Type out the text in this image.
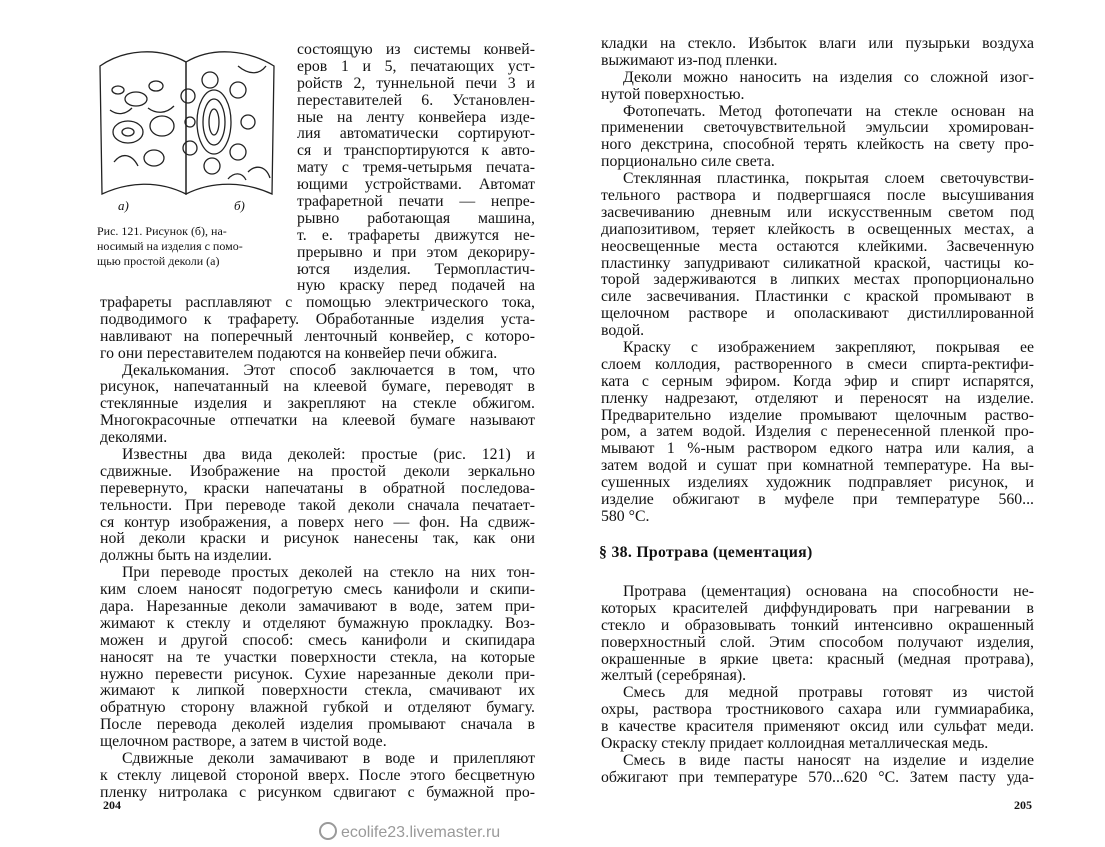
а)	б)
Рис. 121. Рисунок (б), на-
носимый на изделия с помо-
щью простой деколи (а)
состоящую из системы конвей-
еров 1 и 5, печатающих уст-
ройств 2, туннельной печи 3 и
переставителей 6. Установлен-
ные на ленту конвейера изде-
лия автоматически сортируют-
ся и транспортируются к авто-
мату с тремя-четырьмя печата-
ющими устройствами. Автомат
трафаретной печати — непре-
рывно работающая машина,
т. е. трафареты движутся не-
прерывно и при этом декориру-
ются изделия. Термопластич-
ную краску перед подачей на
трафареты расплавляют с помощью электрического тока,
подводимого к трафарету. Обработанные изделия уста-
навливают на поперечный ленточный конвейер, с которо-
го они переставителем подаются на конвейер печи обжига.
Декалькомания. Этот способ заключается в том, что
рисунок, напечатанный на клеевой бумаге, переводят в
стеклянные изделия и закрепляют на стекле обжигом.
Многокрасочные отпечатки на клеевой бумаге называют
деколями.
Известны два вида деколей: простые (рис. 121) и
сдвижные. Изображение на простой деколи зеркально
перевернуто, краски напечатаны в обратной последова-
тельности. При переводе такой деколи сначала печатает-
ся контур изображения, а поверх него — фон. На сдвиж-
ной деколи краски и рисунок нанесены так, как они
должны быть на изделии.
При переводе простых деколей на стекло на них тон-
ким слоем наносят подогретую смесь канифоли и скипи-
дара. Нарезанные деколи замачивают в воде, затем при-
жимают к стеклу и отделяют бумажную прокладку. Воз-
можен и другой способ: смесь канифоли и скипидара
наносят на те участки поверхности стекла, на которые
нужно перевести рисунок. Сухие нарезанные деколи при-
жимают к липкой поверхности стекла, смачивают их
обратную сторону влажной губкой и отделяют бумагу.
После перевода деколей изделия промывают сначала в
щелочном растворе, а затем в чистой воде.
Сдвижные деколи замачивают в воде и прилепляют
к стеклу лицевой стороной вверх. После этого бесцветную
пленку нитролака с рисунком сдвигают с бумажной про-
204
кладки на стекло. Избыток влаги или пузырьки воздуха
выжимают из-под пленки.
Деколи можно наносить на изделия со сложной изог-
нутой поверхностью.
Фотопечать. Метод фотопечати на стекле основан на
применении светочувствительной эмульсии хромирован-
ного декстрина, способной терять клейкость на свету про-
порционально силе света.
Стеклянная пластинка, покрытая слоем светочувстви-
тельного раствора и подвергшаяся после высушивания
засвечиванию дневным или искусственным светом под
диапозитивом, теряет клейкость в освещенных местах, а
неосвещенные места остаются клейкими. Засвеченную
пластинку запудривают силикатной краской, частицы ко-
торой задерживаются в липких местах пропорционально
силе засвечивания. Пластинки с краской промывают в
щелочном растворе и ополаскивают дистиллированной
водой.
Краску с изображением закрепляют, покрывая ее
слоем коллодия, растворенного в смеси спирта-ректифи-
ката с серным эфиром. Когда эфир и спирт испарятся,
пленку надрезают, отделяют и переносят на изделие.
Предварительно изделие промывают щелочным раство-
ром, а затем водой. Изделия с перенесенной пленкой про-
мывают 1 %-ным раствором едкого натра или калия, а
затем водой и сушат при комнатной температуре. На вы-
сушенных изделиях художник подправляет рисунок, и
изделие обжигают в муфеле при температуре 560...
580 °С.
§ 38. Протрава (цементация)
Протрава (цементация) основана на способности не-
которых красителей диффундировать при нагревании в
стекло и образовывать тонкий интенсивно окрашенный
поверхностный слой. Этим способом получают изделия,
окрашенные в яркие цвета: красный (медная протрава),
желтый (серебряная).
Смесь для медной протравы готовят из чистой
охры, раствора тростникового сахара или гуммиарабика,
в качестве красителя применяют оксид или сульфат меди.
Окраску стеклу придает коллоидная металлическая медь.
Смесь в виде пасты наносят на изделие и изделие
обжигают при температуре 570...620 °С. Затем пасту уда-
205
ecolife23.livemaster.ru
